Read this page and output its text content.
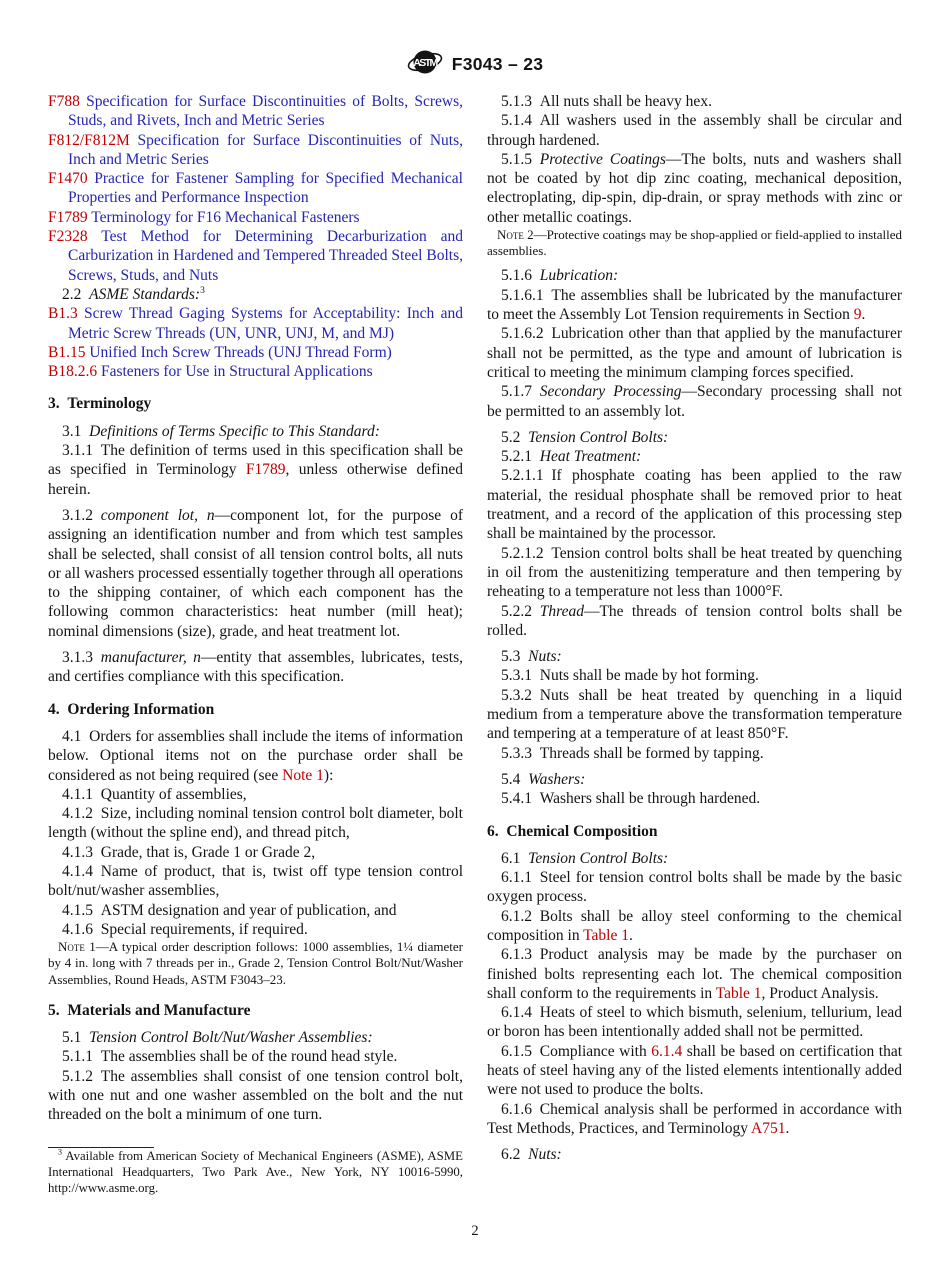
ASTM F3043 – 23

F788 Specification for Surface Discontinuities of Bolts, Screws, Studs, and Rivets, Inch and Metric Series

F812/F812M Specification for Surface Discontinuities of Nuts, Inch and Metric Series

F1470 Practice for Fastener Sampling for Specified Mechanical Properties and Performance Inspection

F1789 Terminology for F16 Mechanical Fasteners

F2328 Test Method for Determining Decarburization and Carburization in Hardened and Tempered Threaded Steel Bolts, Screws, Studs, and Nuts

2.2 ASME Standards:$^3$

B1.3 Screw Thread Gaging Systems for Acceptability: Inch and Metric Screw Threads (UN, UNR, UNJ, M, and MJ)

B1.15 Unified Inch Screw Threads (UNJ Thread Form)

B18.2.6 Fasteners for Use in Structural Applications

3. Terminology

3.1 Definitions of Terms Specific to This Standard:

3.1.1 The definition of terms used in this specification shall be as specified in Terminology F1789, unless otherwise defined herein.

3.1.2 component lot, n—component lot, for the purpose of assigning an identification number and from which test samples shall be selected, shall consist of all tension control bolts, all nuts or all washers processed essentially together through all operations to the shipping container, of which each component has the following common characteristics: heat number (mill heat); nominal dimensions (size), grade, and heat treatment lot.

3.1.3 manufacturer, n—entity that assembles, lubricates, tests, and certifies compliance with this specification.

4. Ordering Information

4.1 Orders for assemblies shall include the items of information below. Optional items not on the purchase order shall be considered as not being required (see Note 1):

4.1.1 Quantity of assemblies,

4.1.2 Size, including nominal tension control bolt diameter, bolt length (without the spline end), and thread pitch,

4.1.3 Grade, that is, Grade 1 or Grade 2,

4.1.4 Name of product, that is, twist off type tension control bolt/nut/washer assemblies,

4.1.5 ASTM designation and year of publication, and

4.1.6 Special requirements, if required.

Note 1—A typical order description follows: 1000 assemblies, 1¼ diameter by 4 in. long with 7 threads per in., Grade 2, Tension Control Bolt/Nut/Washer Assemblies, Round Heads, ASTM F3043–23.

5. Materials and Manufacture

5.1 Tension Control Bolt/Nut/Washer Assemblies:

5.1.1 The assemblies shall be of the round head style.

5.1.2 The assemblies shall consist of one tension control bolt, with one nut and one washer assembled on the bolt and the nut threaded on the bolt a minimum of one turn.

$^3$ Available from American Society of Mechanical Engineers (ASME), ASME International Headquarters, Two Park Ave., New York, NY 10016-5990, http://www.asme.org.

5.1.3 All nuts shall be heavy hex.

5.1.4 All washers used in the assembly shall be circular and through hardened.

5.1.5 Protective Coatings—The bolts, nuts and washers shall not be coated by hot dip zinc coating, mechanical deposition, electroplating, dip-spin, dip-drain, or spray methods with zinc or other metallic coatings.

Note 2—Protective coatings may be shop-applied or field-applied to installed assemblies.

5.1.6 Lubrication:

5.1.6.1 The assemblies shall be lubricated by the manufacturer to meet the Assembly Lot Tension requirements in Section 9.

5.1.6.2 Lubrication other than that applied by the manufacturer shall not be permitted, as the type and amount of lubrication is critical to meeting the minimum clamping forces specified.

5.1.7 Secondary Processing—Secondary processing shall not be permitted to an assembly lot.

5.2 Tension Control Bolts:

5.2.1 Heat Treatment:

5.2.1.1 If phosphate coating has been applied to the raw material, the residual phosphate shall be removed prior to heat treatment, and a record of the application of this processing step shall be maintained by the processor.

5.2.1.2 Tension control bolts shall be heat treated by quenching in oil from the austenitizing temperature and then tempering by reheating to a temperature not less than 1000°F.

5.2.2 Thread—The threads of tension control bolts shall be rolled.

5.3 Nuts:

5.3.1 Nuts shall be made by hot forming.

5.3.2 Nuts shall be heat treated by quenching in a liquid medium from a temperature above the transformation temperature and tempering at a temperature of at least 850°F.

5.3.3 Threads shall be formed by tapping.

5.4 Washers:

5.4.1 Washers shall be through hardened.

6. Chemical Composition

6.1 Tension Control Bolts:

6.1.1 Steel for tension control bolts shall be made by the basic oxygen process.

6.1.2 Bolts shall be alloy steel conforming to the chemical composition in Table 1.

6.1.3 Product analysis may be made by the purchaser on finished bolts representing each lot. The chemical composition shall conform to the requirements in Table 1, Product Analysis.

6.1.4 Heats of steel to which bismuth, selenium, tellurium, lead or boron has been intentionally added shall not be permitted.

6.1.5 Compliance with 6.1.4 shall be based on certification that heats of steel having any of the listed elements intentionally added were not used to produce the bolts.

6.1.6 Chemical analysis shall be performed in accordance with Test Methods, Practices, and Terminology A751.

6.2 Nuts:

2
